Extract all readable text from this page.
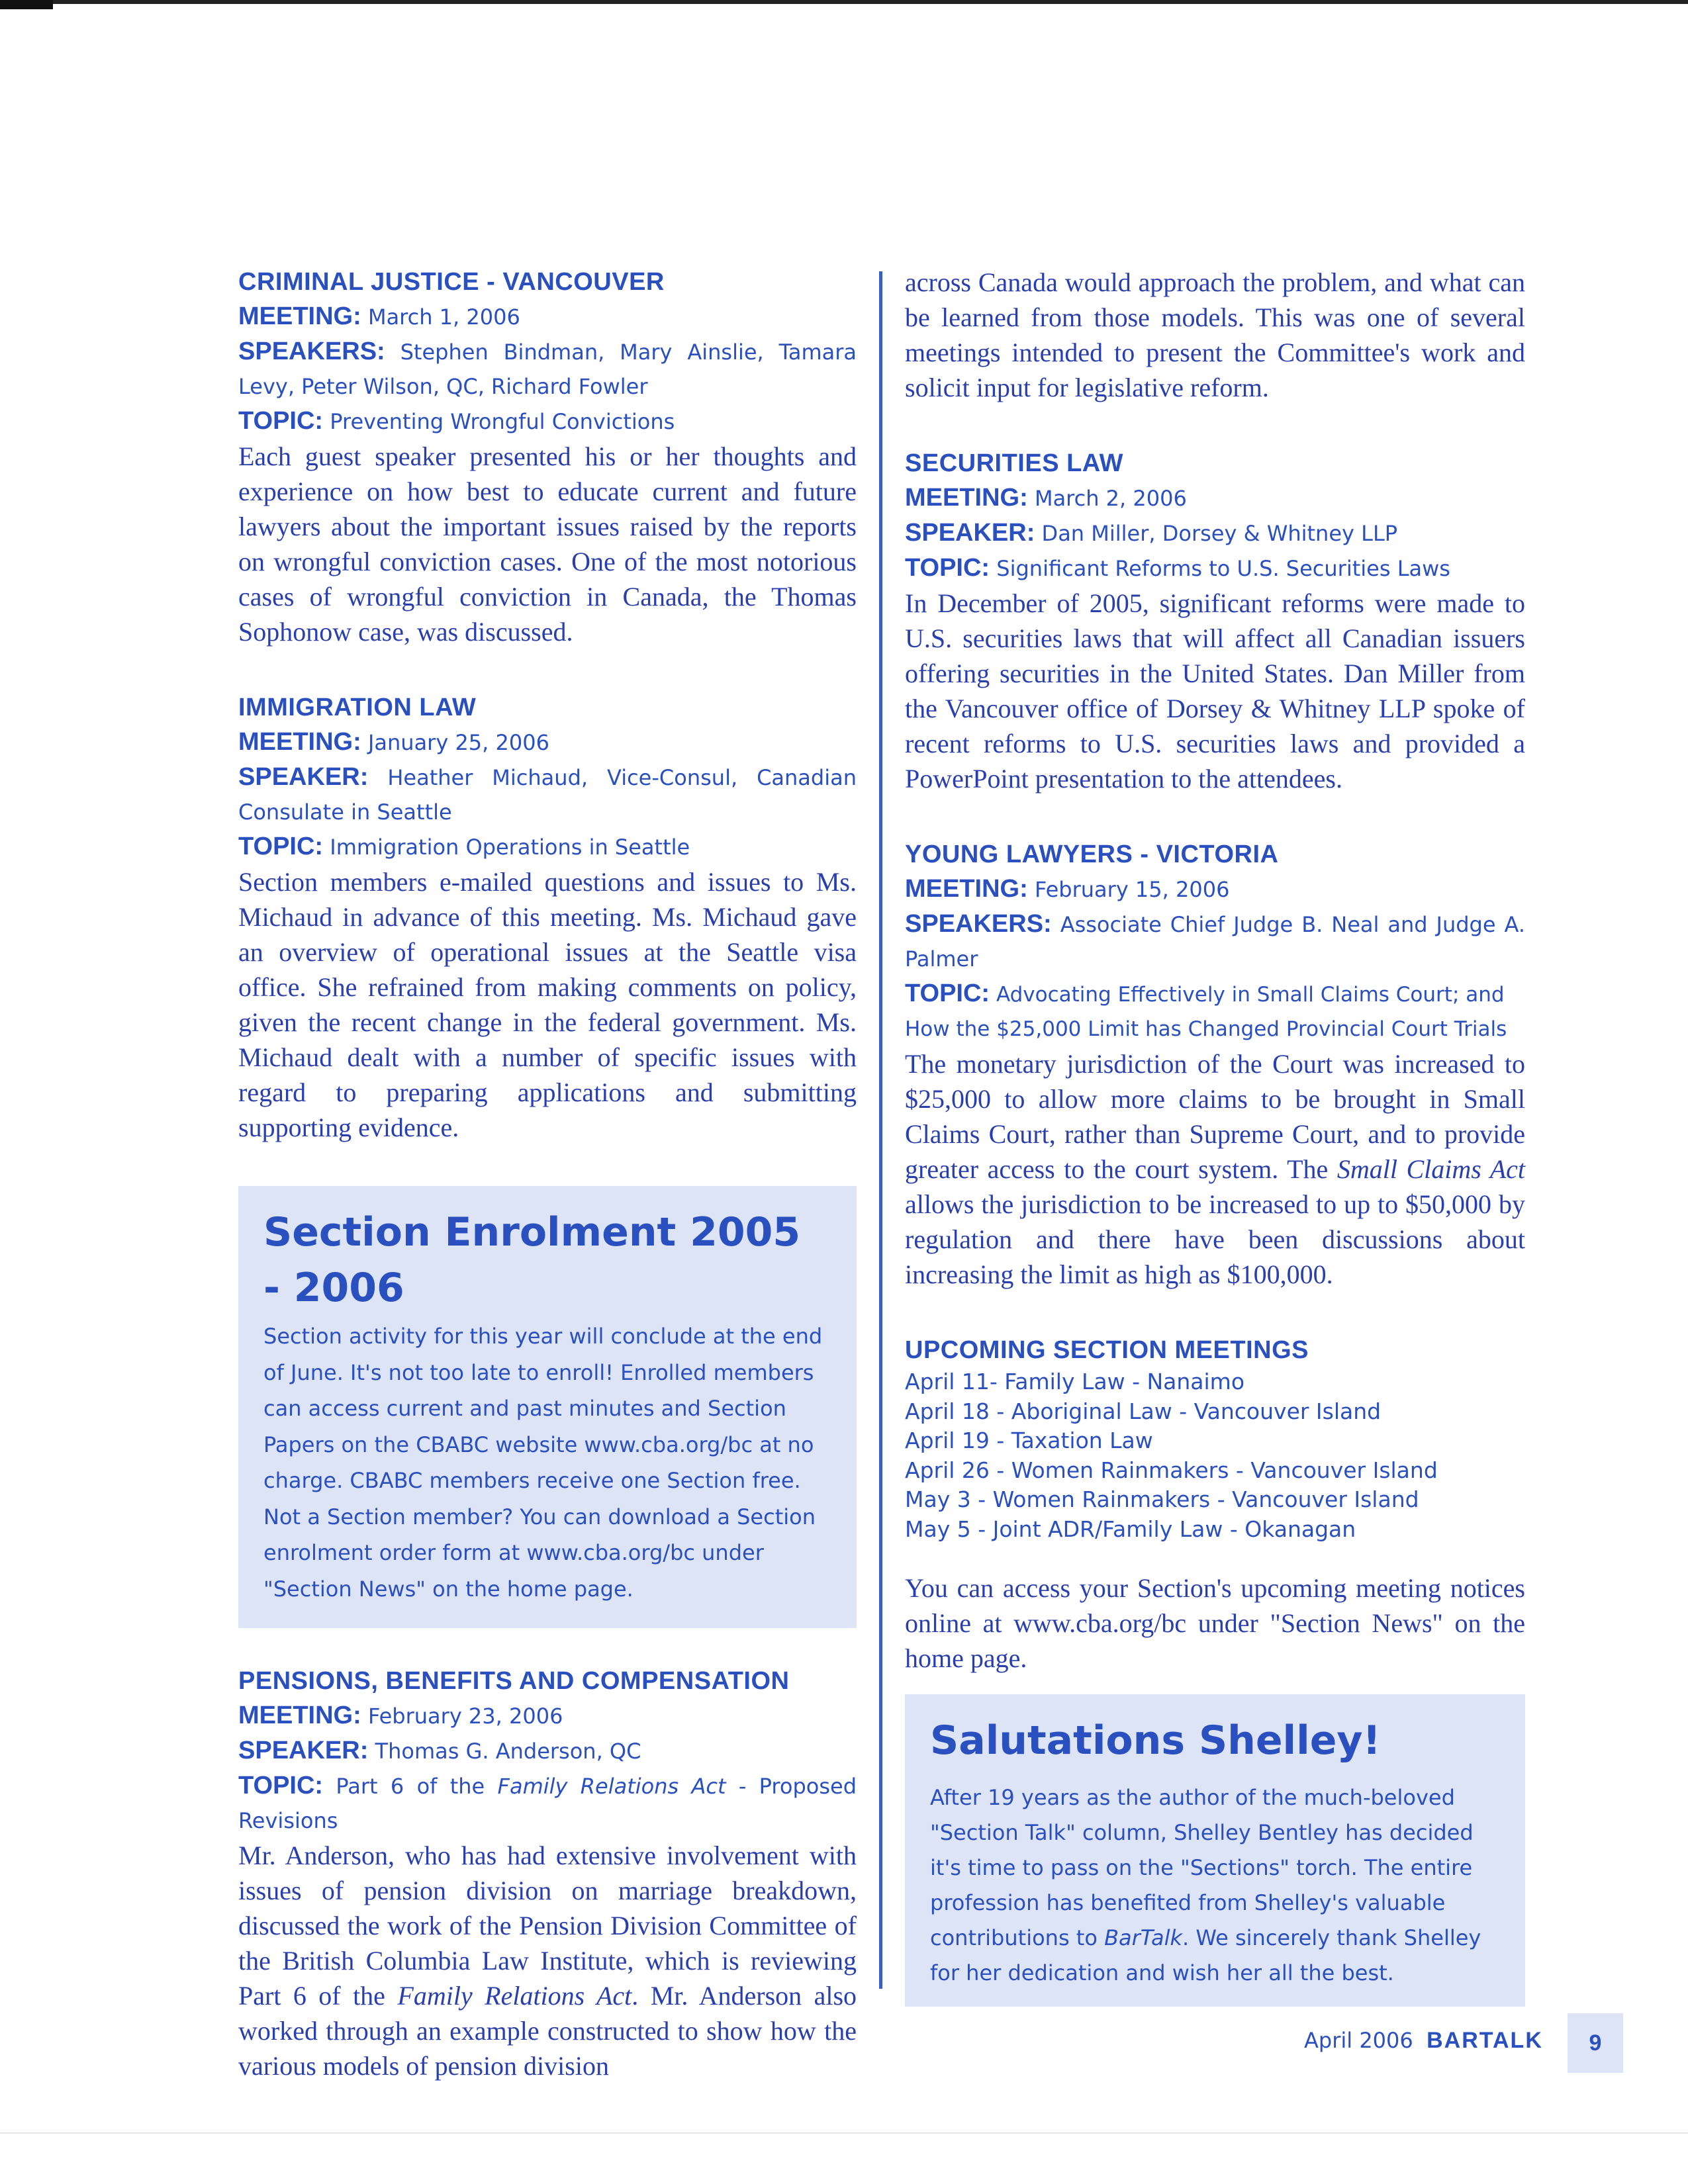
CRIMINAL JUSTICE - VANCOUVER
MEETING: March 1, 2006
SPEAKERS: Stephen Bindman, Mary Ainslie, Tamara Levy, Peter Wilson, QC, Richard Fowler
TOPIC: Preventing Wrongful Convictions

Each guest speaker presented his or her thoughts and experience on how best to educate current and future lawyers about the important issues raised by the reports on wrongful conviction cases. One of the most notorious cases of wrongful conviction in Canada, the Thomas Sophonow case, was discussed.

IMMIGRATION LAW
MEETING: January 25, 2006
SPEAKER: Heather Michaud, Vice-Consul, Canadian Consulate in Seattle
TOPIC: Immigration Operations in Seattle

Section members e-mailed questions and issues to Ms. Michaud in advance of this meeting. Ms. Michaud gave an overview of operational issues at the Seattle visa office. She refrained from making comments on policy, given the recent change in the federal government. Ms. Michaud dealt with a number of specific issues with regard to preparing applications and submitting supporting evidence.

Section Enrolment 2005 - 2006
Section activity for this year will conclude at the end of June. It's not too late to enroll! Enrolled members can access current and past minutes and Section Papers on the CBABC website www.cba.org/bc at no charge. CBABC members receive one Section free. Not a Section member? You can download a Section enrolment order form at www.cba.org/bc under "Section News" on the home page.
PENSIONS, BENEFITS AND COMPENSATION
MEETING: February 23, 2006
SPEAKER: Thomas G. Anderson, QC
TOPIC: Part 6 of the Family Relations Act - Proposed Revisions

Mr. Anderson, who has had extensive involvement with issues of pension division on marriage breakdown, discussed the work of the Pension Division Committee of the British Columbia Law Institute, which is reviewing Part 6 of the Family Relations Act. Mr. Anderson also worked through an example constructed to show how the various models of pension division

across Canada would approach the problem, and what can be learned from those models. This was one of several meetings intended to present the Committee's work and solicit input for legislative reform.

SECURITIES LAW
MEETING: March 2, 2006
SPEAKER: Dan Miller, Dorsey & Whitney LLP
TOPIC: Significant Reforms to U.S. Securities Laws

In December of 2005, significant reforms were made to U.S. securities laws that will affect all Canadian issuers offering securities in the United States. Dan Miller from the Vancouver office of Dorsey & Whitney LLP spoke of recent reforms to U.S. securities laws and provided a PowerPoint presentation to the attendees.

YOUNG LAWYERS - VICTORIA
MEETING: February 15, 2006
SPEAKERS: Associate Chief Judge B. Neal and Judge A. Palmer
TOPIC: Advocating Effectively in Small Claims Court; and How the $25,000 Limit has Changed Provincial Court Trials

The monetary jurisdiction of the Court was increased to $25,000 to allow more claims to be brought in Small Claims Court, rather than Supreme Court, and to provide greater access to the court system. The Small Claims Act allows the jurisdiction to be increased to up to $50,000 by regulation and there have been discussions about increasing the limit as high as $100,000.

UPCOMING SECTION MEETINGS
April 11- Family Law - Nanaimo
April 18 - Aboriginal Law - Vancouver Island
April 19 - Taxation Law
April 26 - Women Rainmakers - Vancouver Island
May 3 - Women Rainmakers - Vancouver Island
May 5 - Joint ADR/Family Law - Okanagan

You can access your Section's upcoming meeting notices online at www.cba.org/bc under "Section News" on the home page.

Salutations Shelley!
After 19 years as the author of the much-beloved "Section Talk" column, Shelley Bentley has decided it's time to pass on the "Sections" torch. The entire profession has benefited from Shelley's valuable contributions to BarTalk. We sincerely thank Shelley for her dedication and wish her all the best.
April 2006 BARTALK	9
